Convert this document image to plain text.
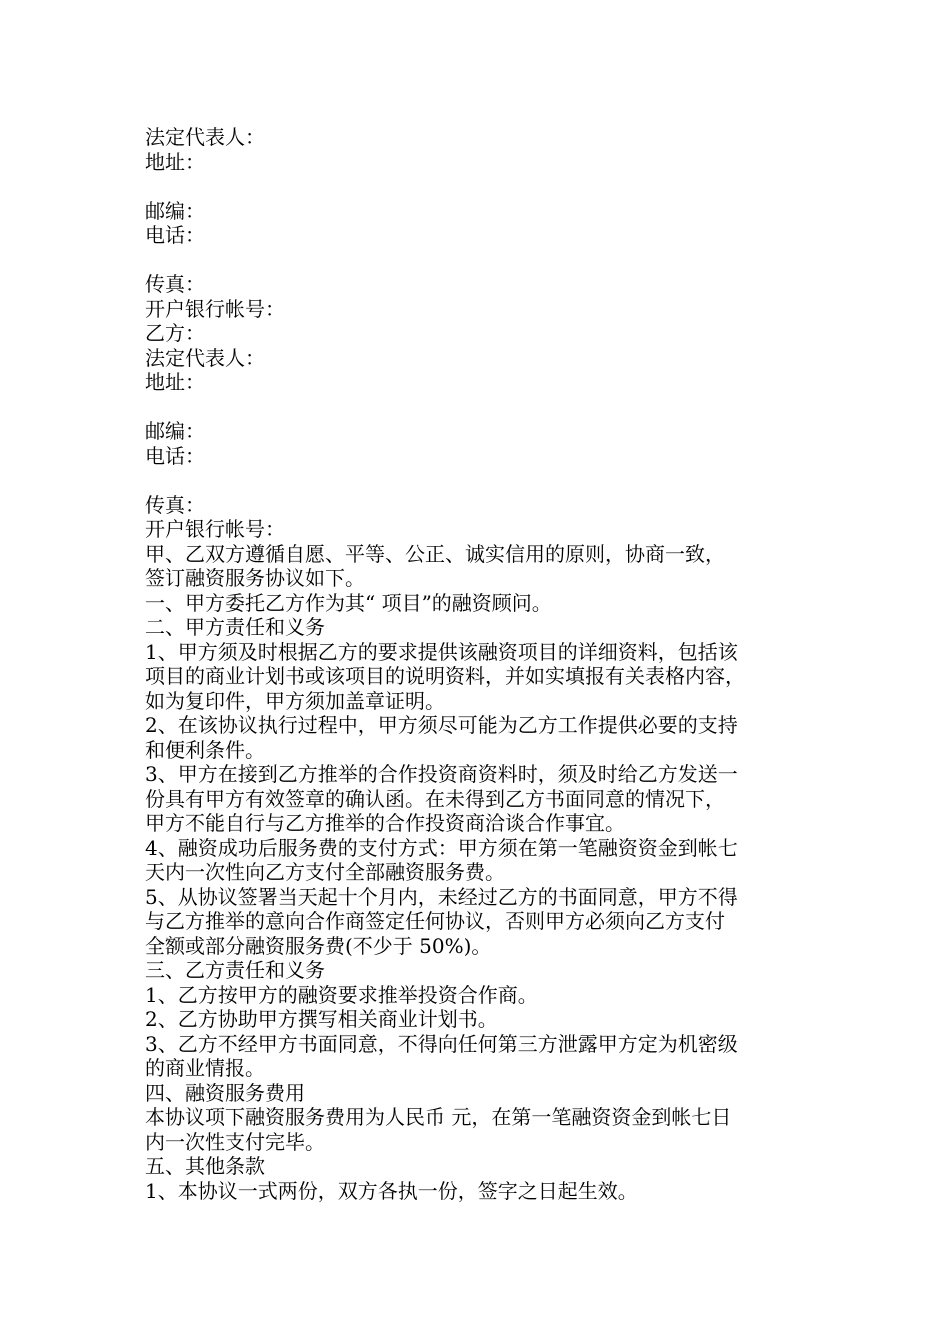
法定代表人：
地址：
邮编：
电话：
传真：
开户银行帐号：
乙方：
法定代表人：
地址：
邮编：
电话：
传真：
开户银行帐号：
甲、乙双方遵循自愿、平等、公正、诚实信用的原则，协商一致，
签订融资服务协议如下。
一、甲方委托乙方作为其“ 项目”的融资顾问。
二、甲方责任和义务
1、甲方须及时根据乙方的要求提供该融资项目的详细资料，包括该
项目的商业计划书或该项目的说明资料，并如实填报有关表格内容，
如为复印件，甲方须加盖章证明。
2、在该协议执行过程中，甲方须尽可能为乙方工作提供必要的支持
和便利条件。
3、甲方在接到乙方推举的合作投资商资料时，须及时给乙方发送一
份具有甲方有效签章的确认函。在未得到乙方书面同意的情况下，
甲方不能自行与乙方推举的合作投资商洽谈合作事宜。
4、融资成功后服务费的支付方式：甲方须在第一笔融资资金到帐七
天内一次性向乙方支付全部融资服务费。
5、从协议签署当天起十个月内，未经过乙方的书面同意，甲方不得
与乙方推举的意向合作商签定任何协议，否则甲方必须向乙方支付
全额或部分融资服务费(不少于 50%)。
三、乙方责任和义务
1、乙方按甲方的融资要求推举投资合作商。
2、乙方协助甲方撰写相关商业计划书。
3、乙方不经甲方书面同意，不得向任何第三方泄露甲方定为机密级
的商业情报。
四、融资服务费用
本协议项下融资服务费用为人民币 元，在第一笔融资资金到帐七日
内一次性支付完毕。
五、其他条款
1、本协议一式两份，双方各执一份，签字之日起生效。
